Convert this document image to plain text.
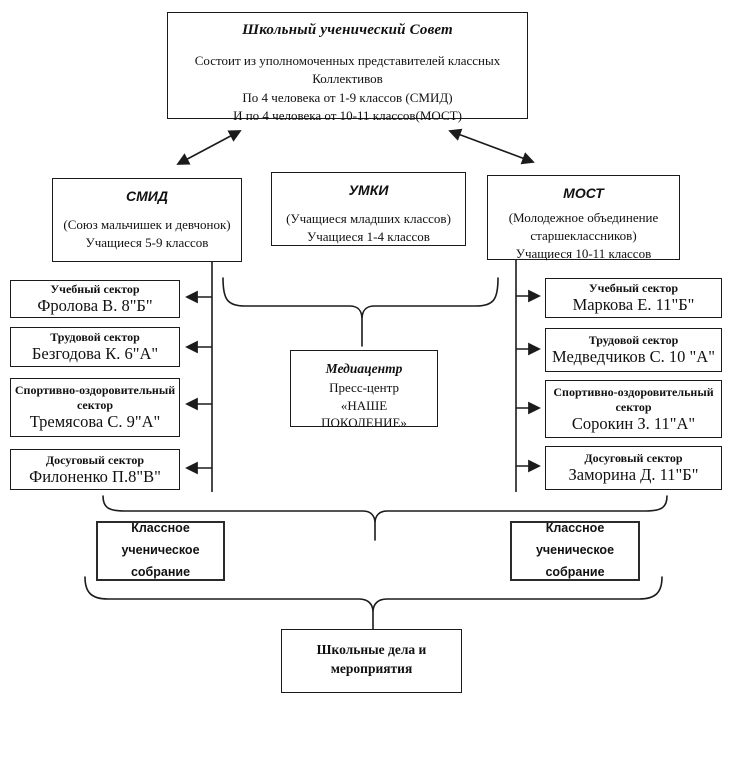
Школьный ученический Совет
Состоит из уполномоченных представителей классных
Коллективов
По 4 человека от 1-9 классов (СМИД)
И по 4 человека от 10-11 классов(МОСТ)
СМИД
(Союз мальчишек и девчонок)
Учащиеся 5-9 классов
УМКИ
(Учащиеся младших классов)
Учащиеся 1-4 классов
МОСТ
(Молодежное объединение
старшеклассников)
Учащиеся 10-11 классов
Учебный сектор
Фролова В. 8"Б"
Трудовой сектор
Безгодова К. 6"А"
Спортивно-оздоровительный сектор
Тремясова С. 9"А"
Досуговый сектор
Филоненко П.8"В"
Учебный сектор
Маркова Е. 11"Б"
Трудовой сектор
Медведчиков С. 10 "А"
Спортивно-оздоровительный сектор
Сорокин З. 11"А"
Досуговый сектор
Заморина Д. 11"Б"
Медиацентр
Пресс-центр
«НАШЕ
ПОКОЛЕНИЕ»
Классное
ученическое
собрание
Классное
ученическое
собрание
Школьные дела и
мероприятия
